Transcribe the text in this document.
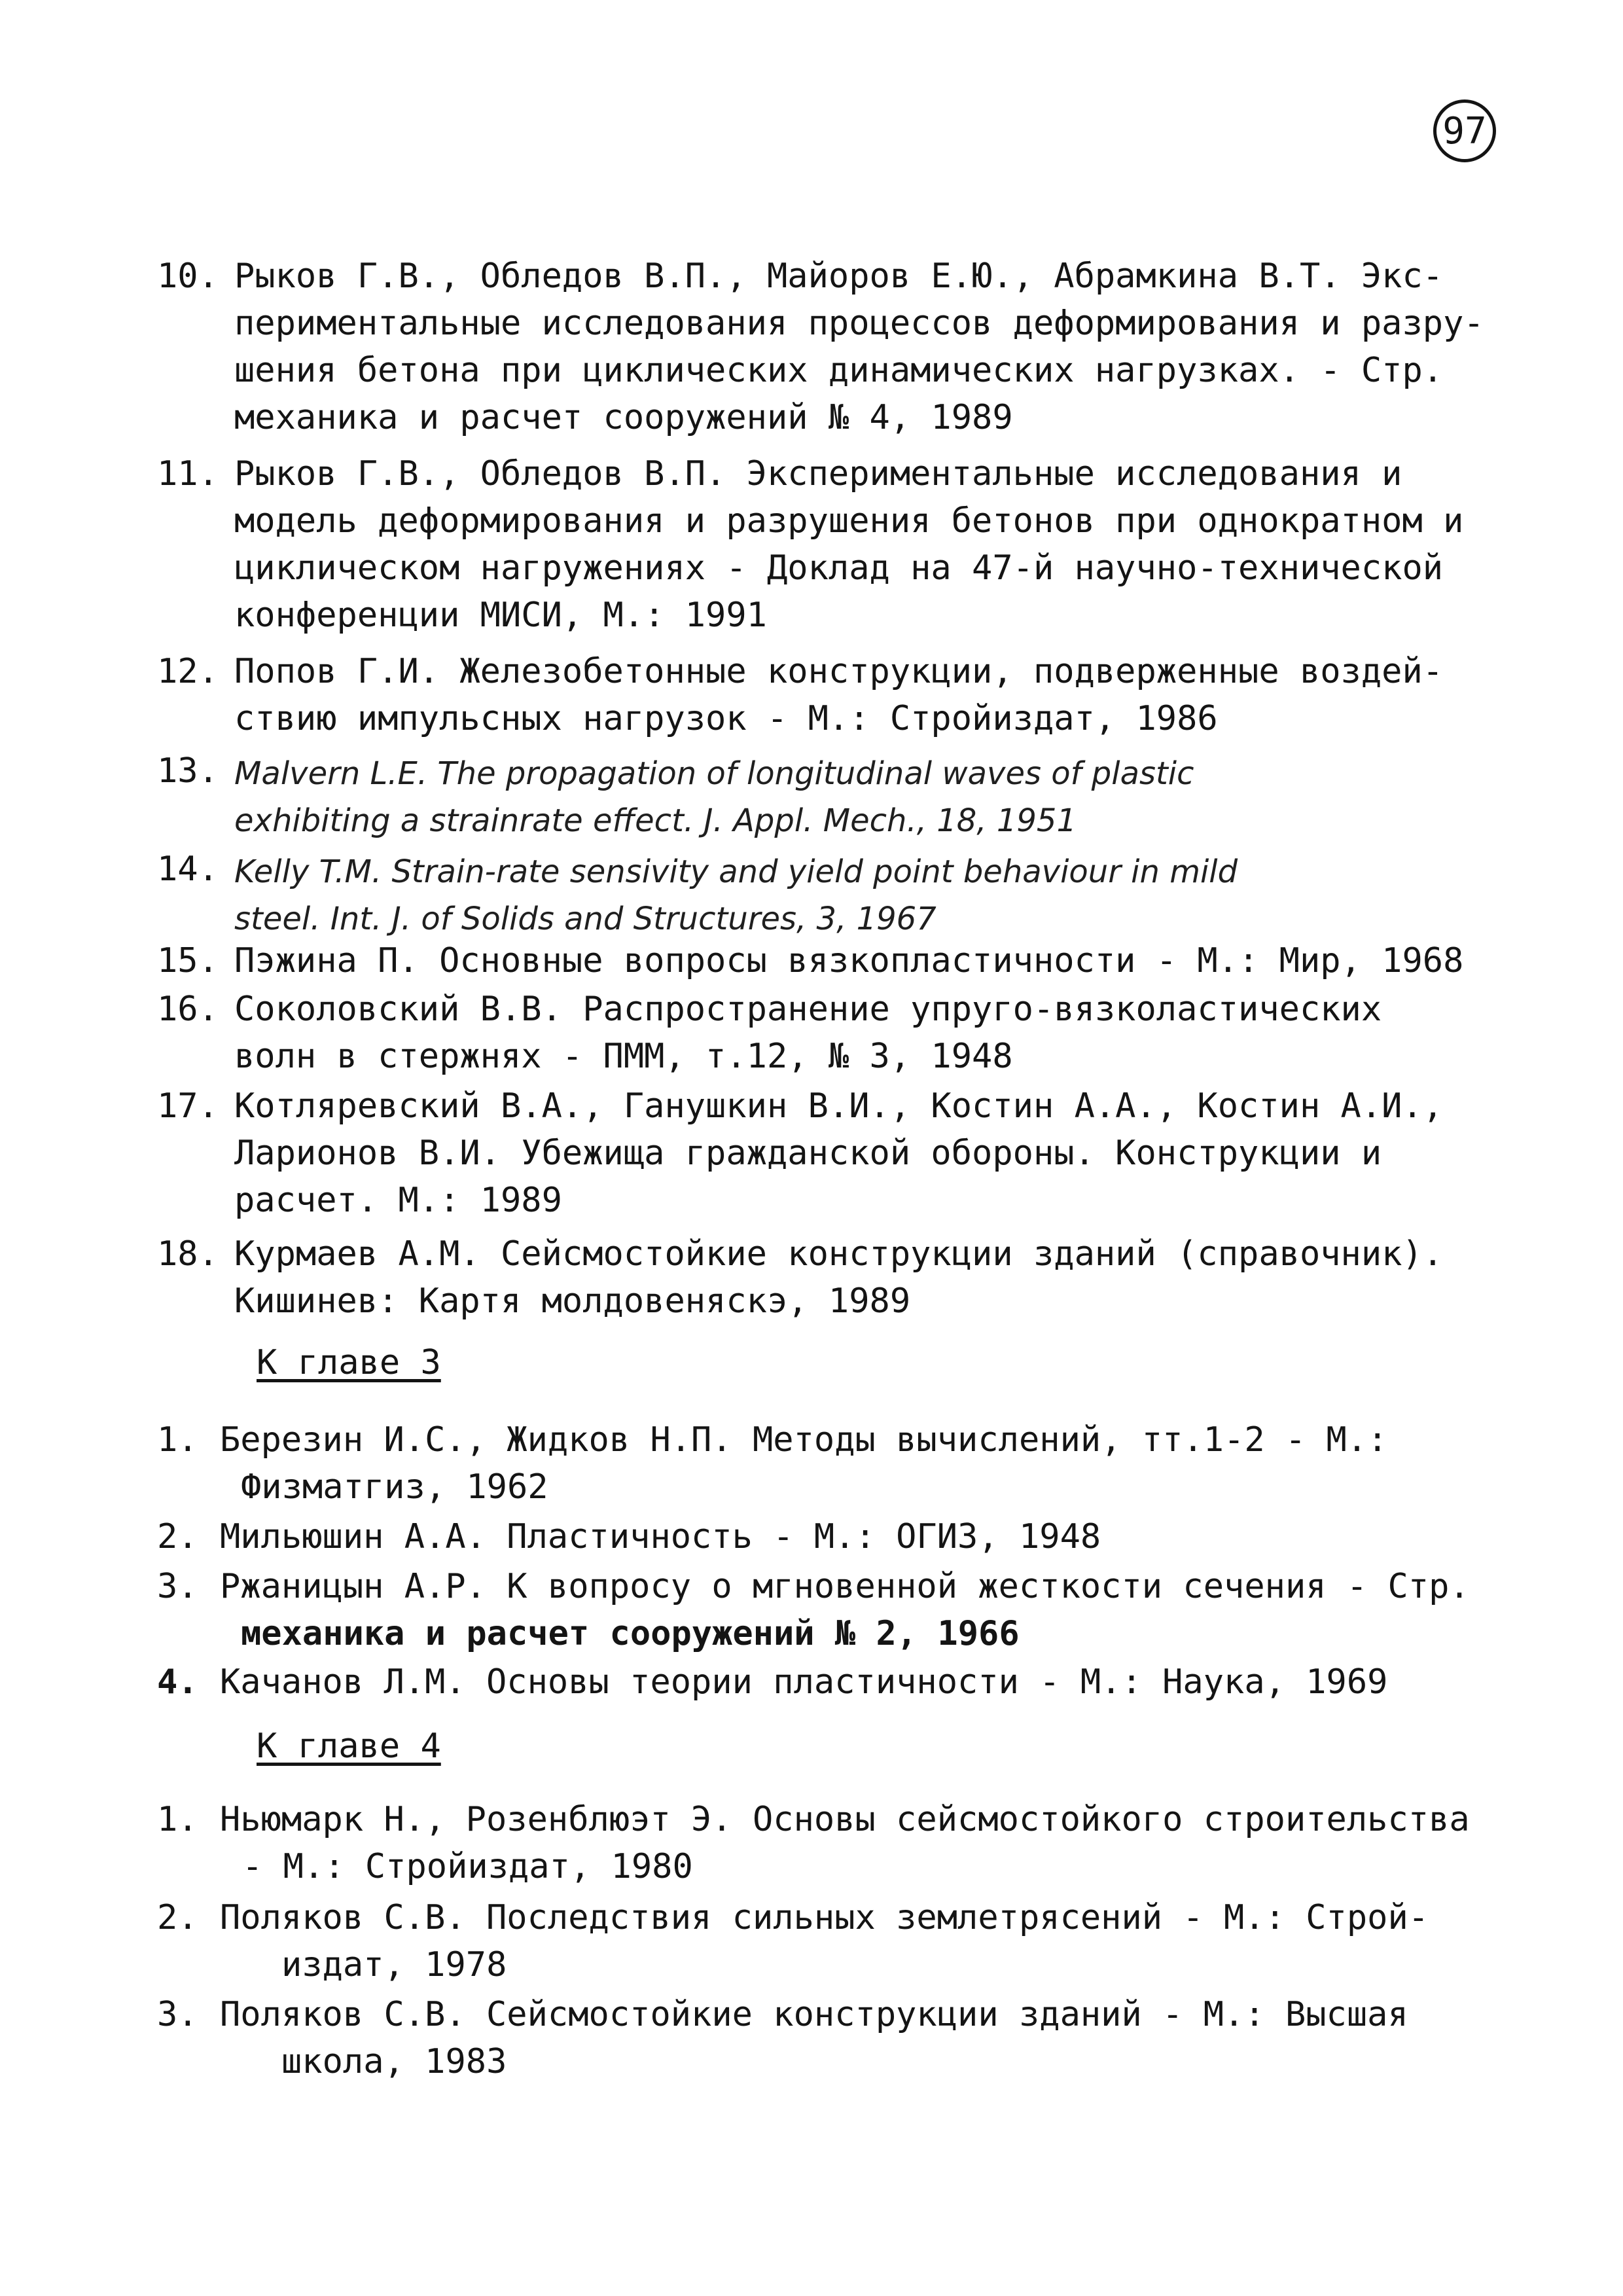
97
10. Рыков Г.В., Обледов В.П., Майоров Е.Ю., Абрамкина В.Т. Экс-
периментальные исследования процессов деформирования и разру-
шения бетона при циклических динамических нагрузках. - Стр.
механика и расчет сооружений № 4, 1989
11. Рыков Г.В., Обледов В.П. Экспериментальные исследования и
модель деформирования и разрушения бетонов при однократном и
циклическом нагружениях - Доклад на 47-й научно-технической
конференции МИСИ, М.: 1991
12. Попов Г.И. Железобетонные конструкции, подверженные воздей-
ствию импульсных нагрузок - М.: Стройиздат, 1986
13. Malvern L.E. The propagation of longitudinal waves of plastic
exhibiting a strainrate effect. J. Appl. Mech., 18, 1951
14. Kelly T.M. Strain-rate sensivity and yield point behaviour in mild
steel. Int. J. of Solids and Structures, 3, 1967
15. Пэжина П. Основные вопросы вязкопластичности - М.: Мир, 1968
16. Соколовский В.В. Распространение упруго-вязколастических
волн в стержнях - ПММ, т.12, № 3, 1948
17. Котляревский В.А., Ганушкин В.И., Костин А.А., Костин А.И.,
Ларионов В.И. Убежища гражданской обороны. Конструкции и
расчет. М.: 1989
18. Курмаев А.М. Сейсмостойкие конструкции зданий (справочник).
Кишинев: Картя молдовеняскэ, 1989
К главе 3
1. Березин И.С., Жидков Н.П. Методы вычислений, тт.1-2 - М.:
Физматгиз, 1962
2. Мильюшин А.А. Пластичность - М.: ОГИЗ, 1948
3. Ржаницын А.Р. К вопросу о мгновенной жесткости сечения - Стр.
механика и расчет сооружений № 2, 1966
4. Качанов Л.М. Основы теории пластичности - М.: Наука, 1969
К главе 4
1. Ньюмарк Н., Розенблюэт Э. Основы сейсмостойкого строительства
- М.: Стройиздат, 1980
2. Поляков С.В. Последствия сильных землетрясений - М.: Строй-
издат, 1978
3. Поляков С.В. Сейсмостойкие конструкции зданий - М.: Высшая
школа, 1983
